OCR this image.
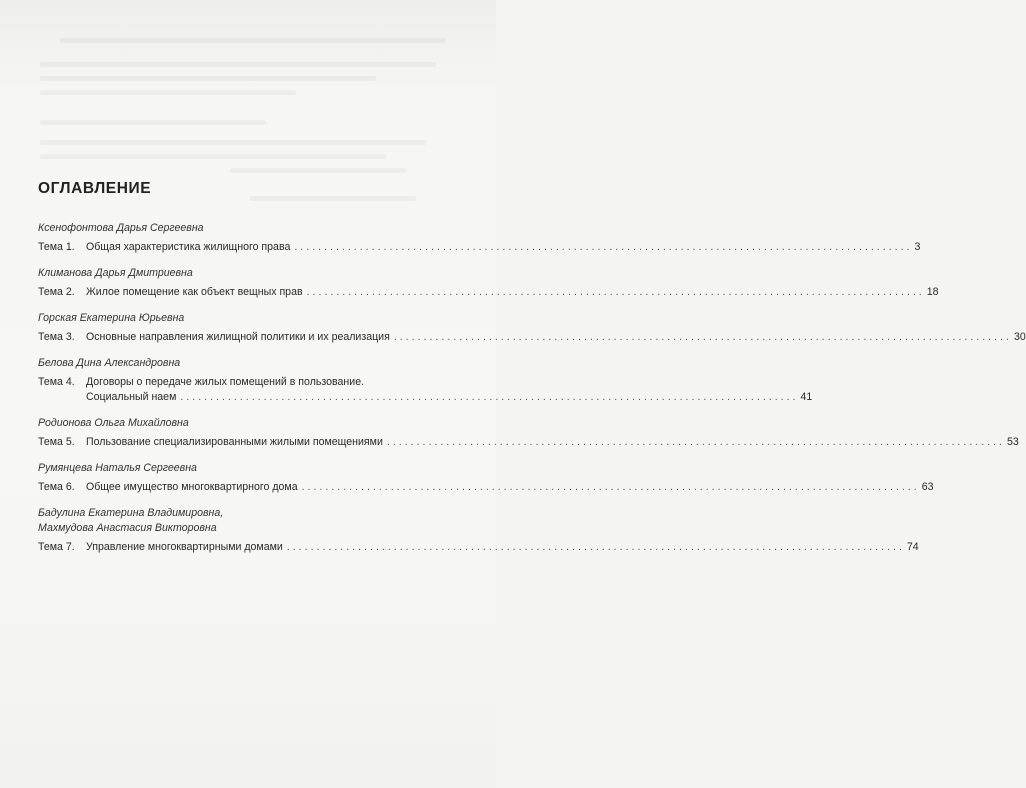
ОГЛАВЛЕНИЕ
Ксенофонтова Дарья Сергеевна
Тема 1.	Общая характеристика жилищного права ........................................................................................................ 3
Климанова Дарья Дмитриевна
Тема 2.	Жилое помещение как объект вещных прав ........................................................................................................ 18
Горская Екатерина Юрьевна
Тема 3.	Основные направления жилищной политики и их реализация ........................................................................................................ 30
Белова Дина Александровна
Тема 4.	Договоры о передаче жилых помещений в пользование.
Социальный наем ........................................................................................................ 41
Родионова Ольга Михайловна
Тема 5.	Пользование специализированными жилыми помещениями ........................................................................................................ 53
Румянцева Наталья Сергеевна
Тема 6.	Общее имущество многоквартирного дома ........................................................................................................ 63
Бадулина Екатерина Владимировна,
Махмудова Анастасия Викторовна
Тема 7.	Управление многоквартирными домами ........................................................................................................ 74
